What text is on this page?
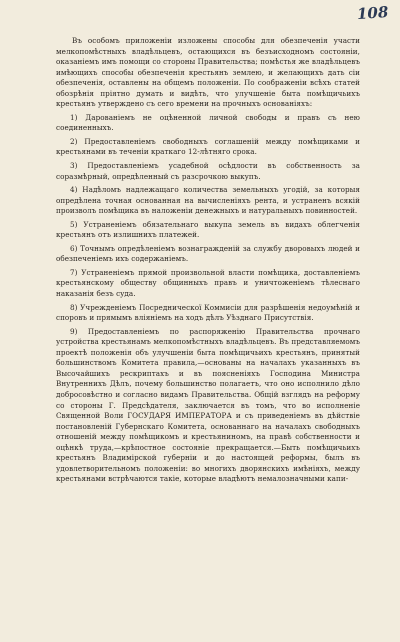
108

Въ особомъ приложеніи изложены способы для обезпеченія участи мелкопомѣстныхъ владѣльцевъ, остающихся въ безъисходномъ состояніи, оказаніемъ имъ помощи со стороны Правительства; помѣстья же владѣльцевъ имѣющихъ способы обезпеченія крестьянъ землею, и желающихъ дать сіи обезпеченія, оставлены на общемъ положеніи. По соображеніи всѣхъ статей обозрѣнія пріятно думать и видѣть, что улучшеніе быта помѣщичьихъ крестьянъ утверждено съ сего времени на прочныхъ основаніяхъ:

1) Дарованіемъ не оцѣненной личной свободы и правъ съ нею соединенныхъ.

2) Предоставленіемъ свободныхъ соглашеній между помѣщиками и крестьянами въ теченіи краткаго 12-лѣтняго срока.

3) Предоставленіемъ усадебной осѣдлости въ собственность за соразмѣрный, опредѣленный съ разсрочкою выкупъ.

4) Надѣломъ надлежащаго количества земельныхъ угодій, за которыя опредѣлена точная основанная на вычисленіяхъ рента, и устраненъ всякій произволъ помѣщика въ наложеніи денежныхъ и натуральныхъ повинностей.

5) Устраненіемъ обязательнаго выкупа земель въ видахъ облегченія крестьянъ отъ излишнихъ платежей.

6) Точнымъ опредѣленіемъ вознагражденій за службу дворовыхъ людей и обезпеченіемъ ихъ содержаніемъ.

7) Устраненіемъ прямой произвольной власти помѣщика, доставленіемъ крестьянскому обществу общинныхъ правъ и уничтоженіемъ тѣлеснаго наказанія безъ суда.

8) Учрежденіемъ Посредническої Коммисіи для разрѣшенія недоумѣній и споровъ и прямымъ вліяніемъ на ходъ дѣлъ Уѣзднаго Присутствія.

9) Предоставленіемъ по распоряженію Правительства прочнаго устройства крестьянамъ мелкопомѣстныхъ владѣльцевъ. Въ представляемомъ проектѣ положенія объ улучшеніи быта помѣщичьихъ крестьянъ, принятый большинствомъ Комитета правила,—основаны на началахъ указанныхъ въ Высочайшихъ рескриптахъ и въ поясненіяхъ Господина Министра Внутреннихъ Дѣлъ, почему большинство полагаетъ, что оно исполнило дѣло добросовѣстно и согласно видамъ Правительства. Общій взглядъ на реформу со стороны Г. Предсѣдателя, заключается въ томъ, что во исполненіе Священной Воли ГОСУДАРЯ ИМПЕРАТОРА и съ приведеніемъ въ дѣйствіе постановленій Губернскаго Комитета, основаннаго на началахъ свободныхъ отношеній между помѣщикомъ и крестьяниномъ, на правѣ собственности и оцѣнкѣ труда,—крѣпостное состояніе прекращается.—Быть помѣщичьихъ крестьянъ Владимірской губерніи и до настоящей реформы, былъ въ удовлетворительномъ положеніи: во многихъ дворянскихъ имѣніяхъ, между крестьянами встрѣчаются такіе, которые владѣютъ немалозначными капи-
